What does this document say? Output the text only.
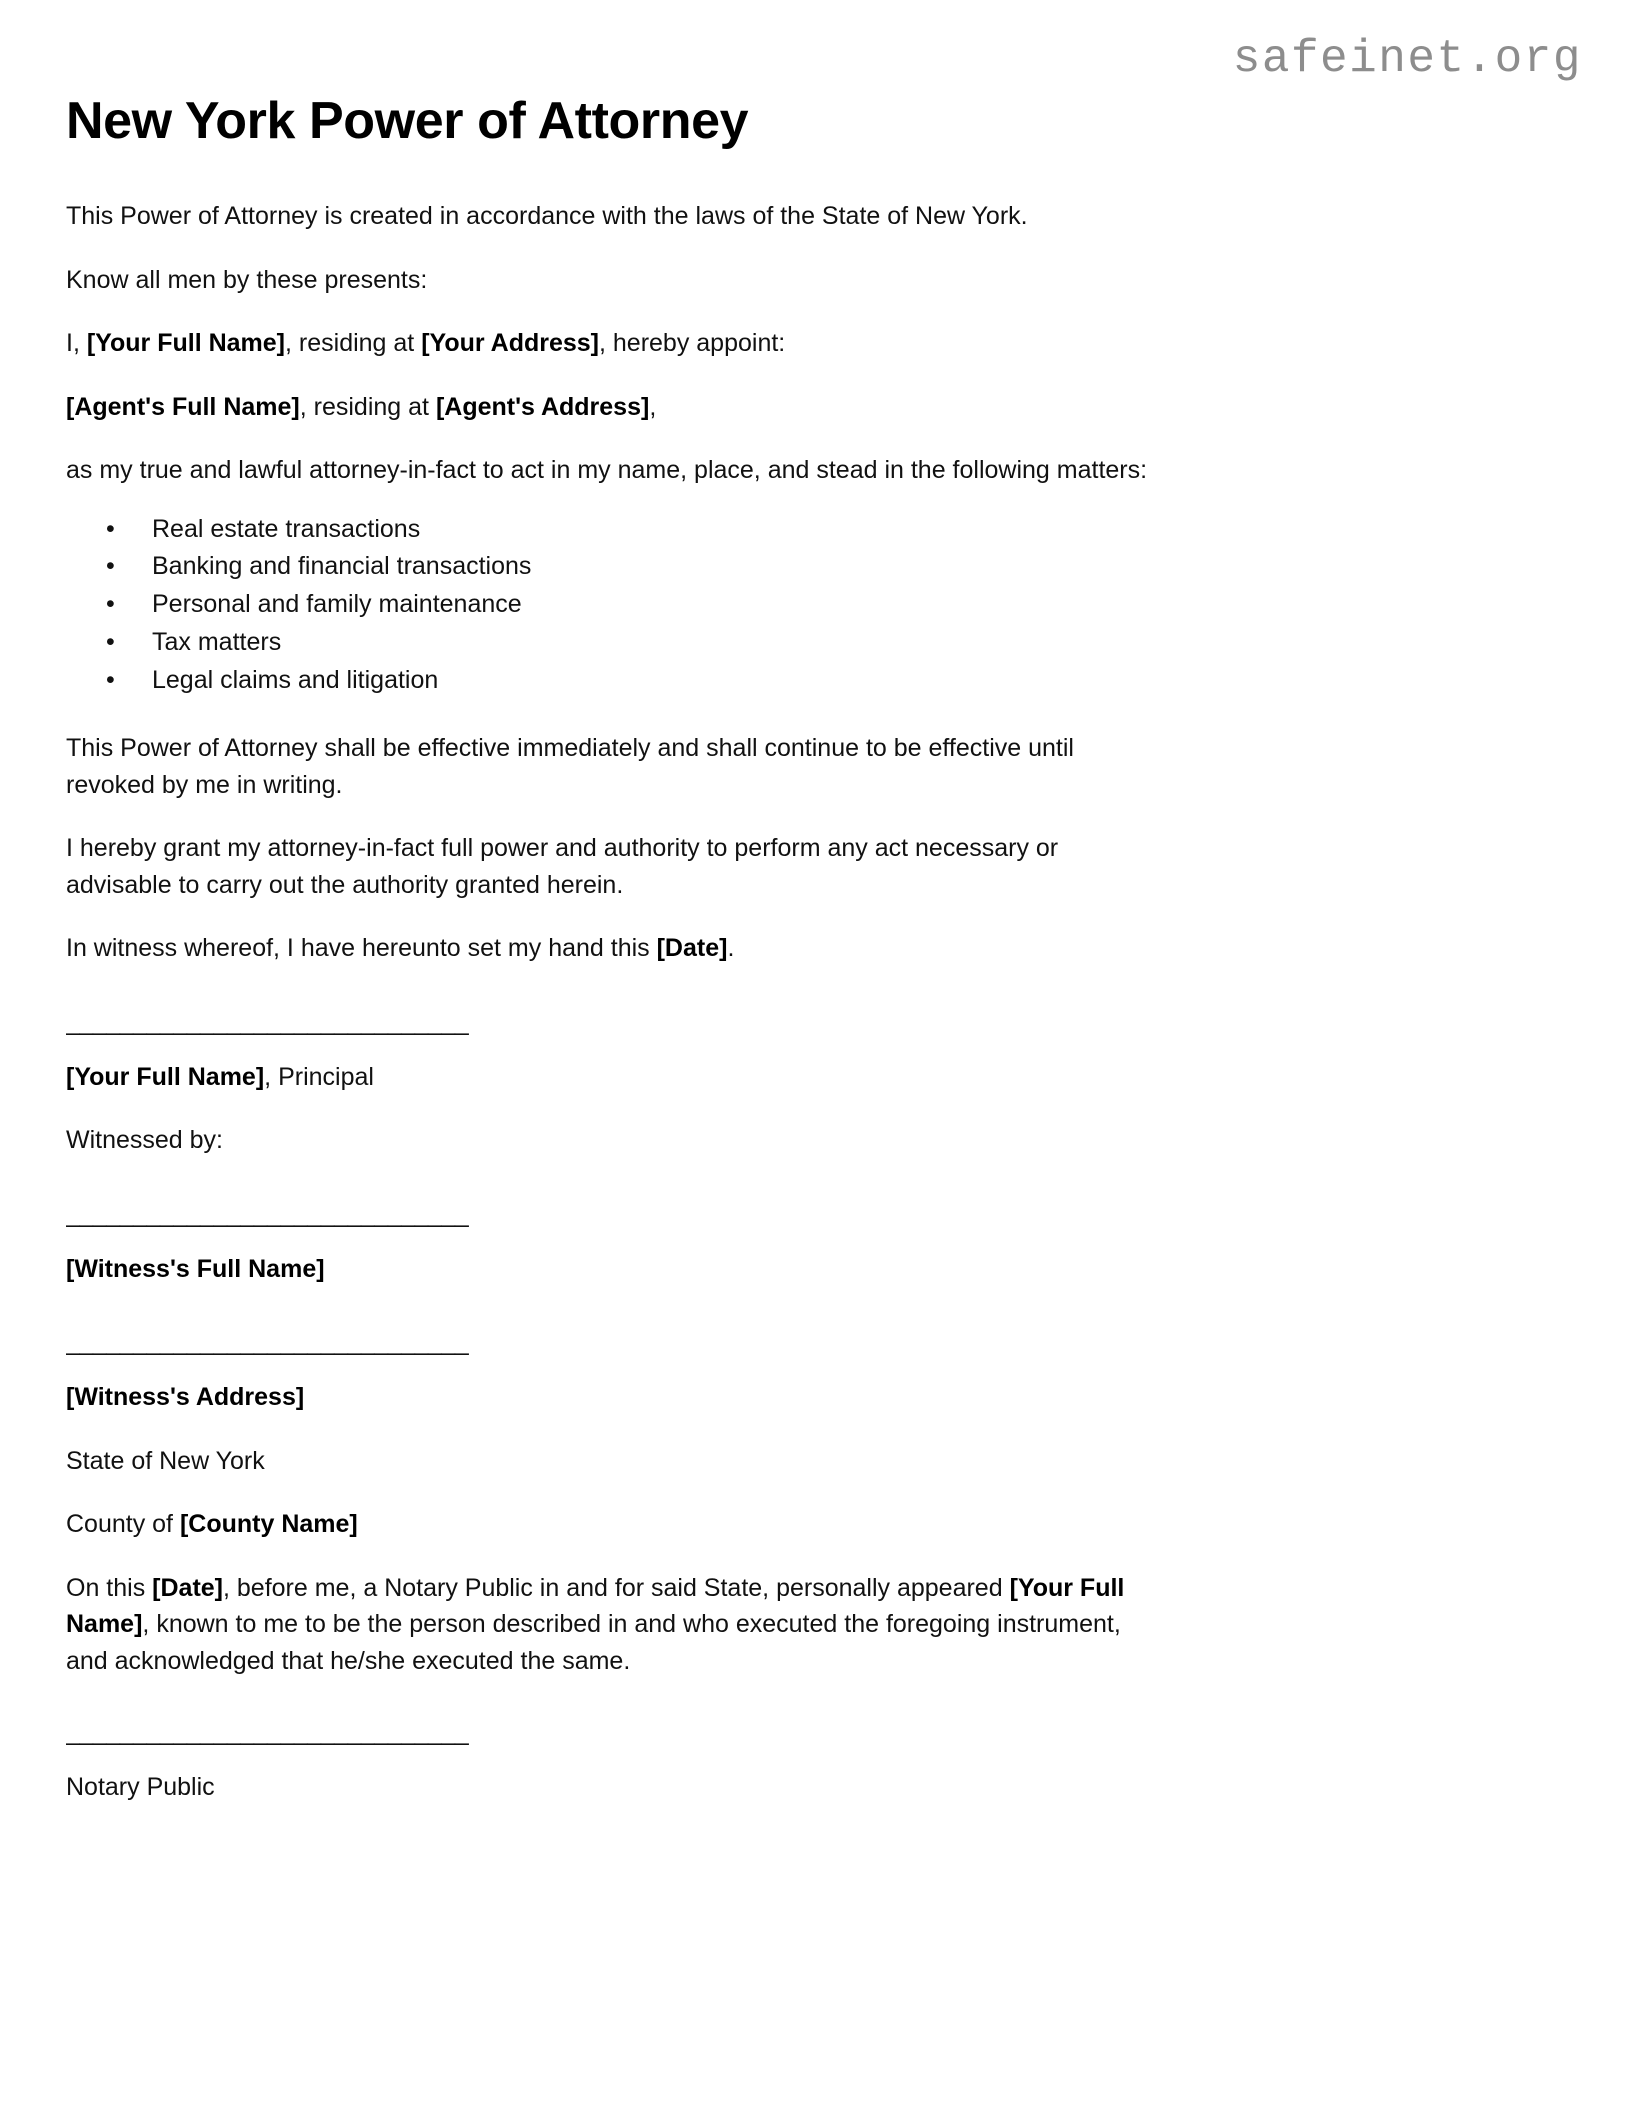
safeinet.org
New York Power of Attorney

This Power of Attorney is created in accordance with the laws of the State of New York.

Know all men by these presents:

I, [Your Full Name], residing at [Your Address], hereby appoint:

[Agent's Full Name], residing at [Agent's Address],

as my true and lawful attorney-in-fact to act in my name, place, and stead in the following matters:

• Real estate transactions
• Banking and financial transactions
• Personal and family maintenance
• Tax matters
• Legal claims and litigation

This Power of Attorney shall be effective immediately and shall continue to be effective until revoked by me in writing.

I hereby grant my attorney-in-fact full power and authority to perform any act necessary or advisable to carry out the authority granted herein.

In witness whereof, I have hereunto set my hand this [Date].

______________________________

[Your Full Name], Principal

Witnessed by:

______________________________

[Witness's Full Name]

______________________________

[Witness's Address]

State of New York

County of [County Name]

On this [Date], before me, a Notary Public in and for said State, personally appeared [Your Full Name], known to me to be the person described in and who executed the foregoing instrument, and acknowledged that he/she executed the same.

______________________________

Notary Public
